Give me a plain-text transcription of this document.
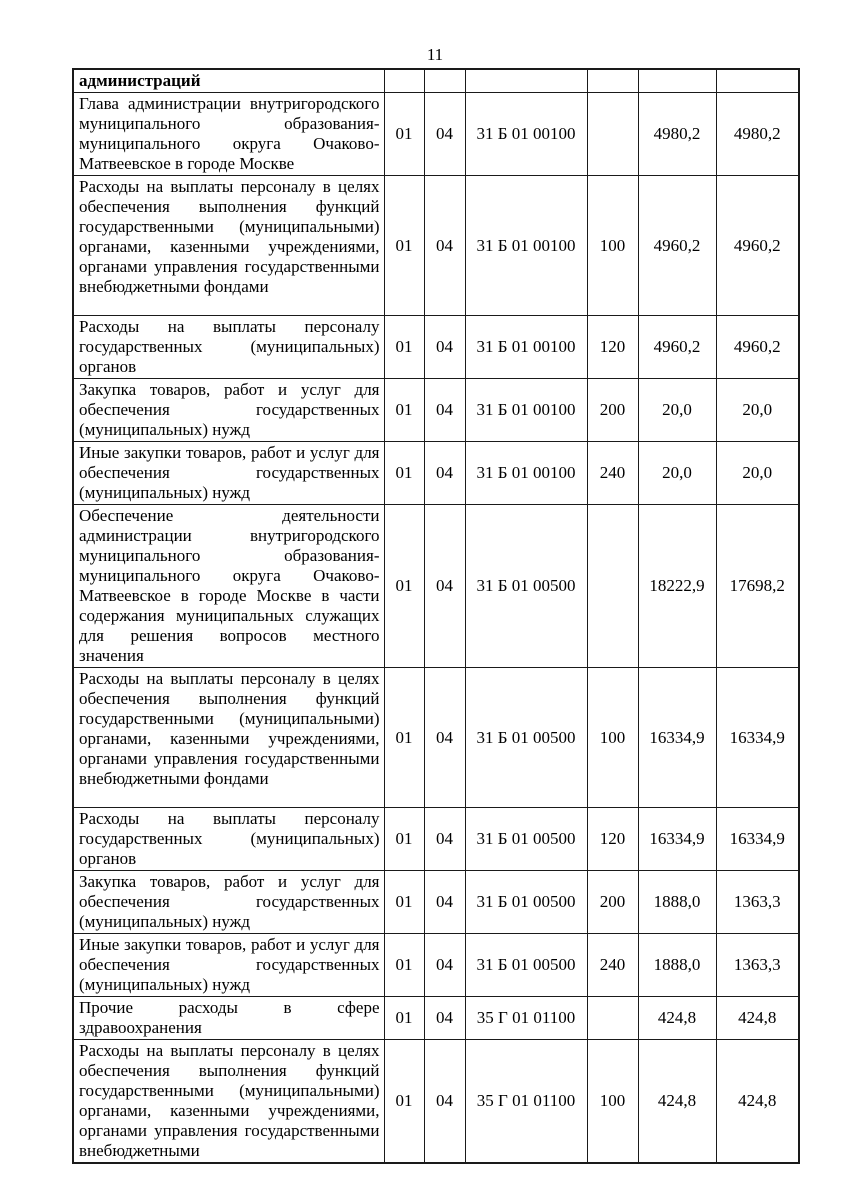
11
администраций						
Глава администрации внутригородского муниципального образования-муниципального округа Очаково-Матвеевское в городе Москве	01	04	31 Б 01 00100		4980,2	4980,2
Расходы на выплаты персоналу в целях обеспечения выполнения функций государственными (муниципальными) органами, казенными учреждениями, органами управления государственными внебюджетными фондами	01	04	31 Б 01 00100	100	4960,2	4960,2
Расходы на выплаты персоналу государственных (муниципальных) органов	01	04	31 Б 01 00100	120	4960,2	4960,2
Закупка товаров, работ и услуг для обеспечения государственных (муниципальных) нужд	01	04	31 Б 01 00100	200	20,0	20,0
Иные закупки товаров, работ и услуг для обеспечения государственных (муниципальных) нужд	01	04	31 Б 01 00100	240	20,0	20,0
Обеспечение деятельности администрации внутригородского муниципального образования-муниципального округа Очаково-Матвеевское в городе Москве в части содержания муниципальных служащих для решения вопросов местного значения	01	04	31 Б 01 00500		18222,9	17698,2
Расходы на выплаты персоналу в целях обеспечения выполнения функций государственными (муниципальными) органами, казенными учреждениями, органами управления государственными внебюджетными фондами	01	04	31 Б 01 00500	100	16334,9	16334,9
Расходы на выплаты персоналу государственных (муниципальных) органов	01	04	31 Б 01 00500	120	16334,9	16334,9
Закупка товаров, работ и услуг для обеспечения государственных (муниципальных) нужд	01	04	31 Б 01 00500	200	1888,0	1363,3
Иные закупки товаров, работ и услуг для обеспечения государственных (муниципальных) нужд	01	04	31 Б 01 00500	240	1888,0	1363,3
Прочие расходы в сфере здравоохранения	01	04	35 Г 01 01100		424,8	424,8
Расходы на выплаты персоналу в целях обеспечения выполнения функций государственными (муниципальными) органами, казенными учреждениями, органами управления государственными внебюджетными	01	04	35 Г 01 01100	100	424,8	424,8
